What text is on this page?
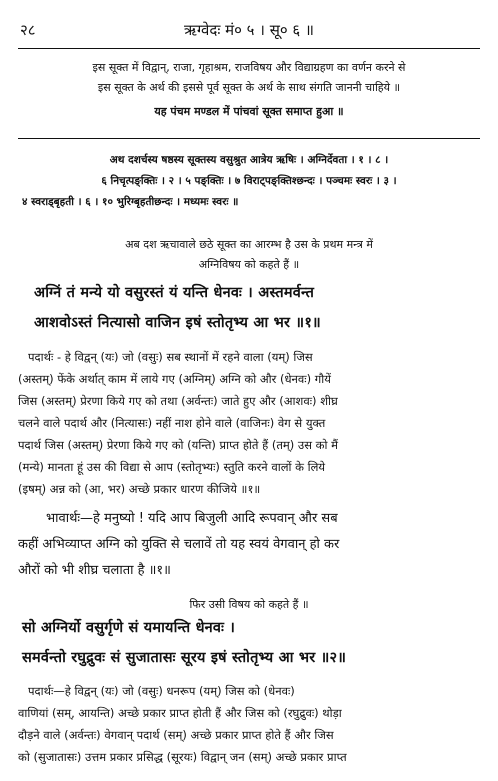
२८	ऋग्वेदः मं० ५ । सू० ६ ॥
इस सूक्त में विद्वान्, राजा, गृहाश्रम, राजविषय और विद्याग्रहण का वर्णन करने से
इस सूक्त के अर्थ की इससे पूर्व सूक्त के अर्थ के साथ संगति जाननी चाहिये ॥
यह पंचम मण्डल में पांचवां सूक्त समाप्त हुआ ॥
अथ दशर्चस्य षष्ठस्य सूक्तस्य वसुश्रुत आत्रेय ऋषिः । अग्निर्देवता । १ । ८ ।
६ निचृत्पङ्क्तिः । २ । ५ पङ्क्तिः । ७ विराट्पङ्क्तिश्छन्दः । पञ्चमः स्वरः । ३ ।
४ स्वराड्बृहती । ६ । १० भुरिग्बृहतीछन्दः । मध्यमः स्वरः ॥
अब दश ऋचावाले छठे सूक्त का आरम्भ है उस के प्रथम मन्त्र में
अग्निविषय को कहते हैं ॥
अग्निं तं मन्ये यो वसुरस्तं यं यन्ति धेनवः । अस्तमर्वन्त
आशवोऽस्तं नित्यासो वाजिन इषं स्तोतृभ्य आ भर ॥१॥
पदार्थः - हे विद्वन् (यः) जो (वसुः) सब स्थानों में रहने वाला (यम्) जिस
(अस्तम्) फेंके अर्थात् काम में लाये गए (अग्निम्) अग्नि को और (धेनवः) गौयें
जिस (अस्तम्) प्रेरणा किये गए को तथा (अर्वन्तः) जाते हुए और (आशवः) शीघ्र
चलने वाले पदार्थ और (नित्यासः) नहीं नाश होने वाले (वाजिनः) वेग से युक्त
पदार्थ जिस (अस्तम्) प्रेरणा किये गए को (यन्ति) प्राप्त होते हैं (तम्) उस को मैं
(मन्ये) मानता हूं उस की विद्या से आप (स्तोतृभ्यः) स्तुति करने वालों के लिये
(इषम्) अन्न को (आ, भर) अच्छे प्रकार धारण कीजिये ॥१॥
भावार्थः—हे मनुष्यो ! यदि आप बिजुली आदि रूपवान् और सब
कहीं अभिव्याप्त अग्नि को युक्ति से चलावें तो यह स्वयं वेगवान् हो कर
औरों को भी शीघ्र चलाता है ॥१॥
फिर उसी विषय को कहते हैं ॥
सो अग्निर्यो वसुर्गृणे सं यमायन्ति धेनवः ।
समर्वन्तो रघुद्रुवः सं सुजातासः सूरय इषं स्तोतृभ्य आ भर ॥२॥
पदार्थः—हे विद्वन् (यः) जो (वसुः) धनरूप (यम्) जिस को (धेनवः)
वाणियां (सम्, आयन्ति) अच्छे प्रकार प्राप्त होती हैं और जिस को (रघुद्रुवः) थोड़ा
दौड़ने वाले (अर्वन्तः) वेगवान् पदार्थ (सम्) अच्छे प्रकार प्राप्त होते हैं और जिस
को (सुजातासः) उत्तम प्रकार प्रसिद्ध (सूरयः) विद्वान् जन (सम्) अच्छे प्रकार प्राप्त
